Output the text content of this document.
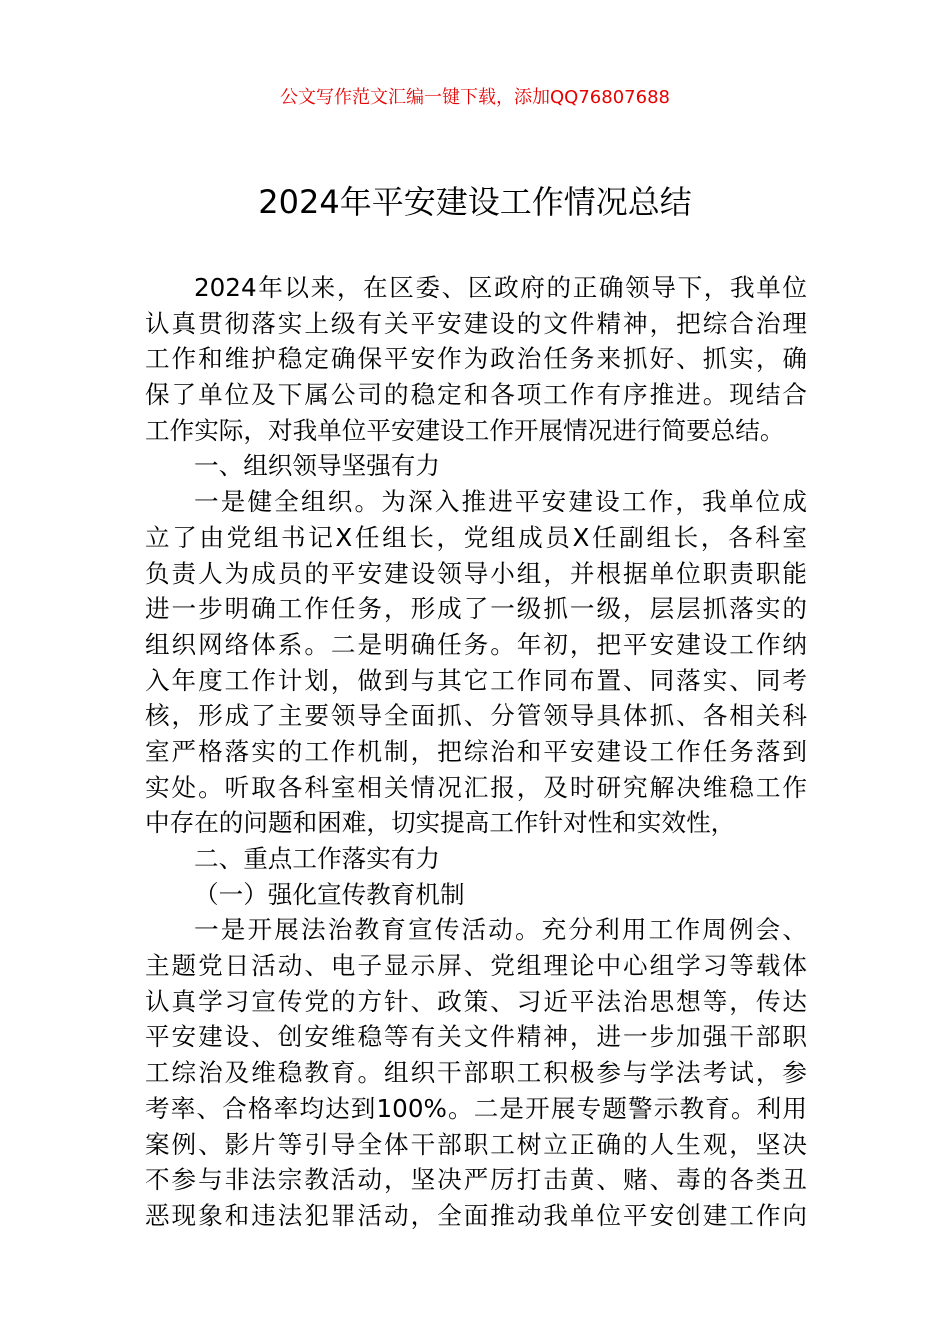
公文写作范文汇编一键下载，添加QQ76807688
2024年平安建设工作情况总结
2024年以来，在区委、区政府的正确领导下，我单位
认真贯彻落实上级有关平安建设的文件精神，把综合治理
工作和维护稳定确保平安作为政治任务来抓好、抓实，确
保了单位及下属公司的稳定和各项工作有序推进。现结合
工作实际，对我单位平安建设工作开展情况进行简要总结。
一、组织领导坚强有力
一是健全组织。为深入推进平安建设工作，我单位成
立了由党组书记X任组长，党组成员X任副组长，各科室
负责人为成员的平安建设领导小组，并根据单位职责职能
进一步明确工作任务，形成了一级抓一级，层层抓落实的
组织网络体系。二是明确任务。年初，把平安建设工作纳
入年度工作计划，做到与其它工作同布置、同落实、同考
核，形成了主要领导全面抓、分管领导具体抓、各相关科
室严格落实的工作机制，把综治和平安建设工作任务落到
实处。听取各科室相关情况汇报，及时研究解决维稳工作
中存在的问题和困难，切实提高工作针对性和实效性，
二、重点工作落实有力
（一）强化宣传教育机制
一是开展法治教育宣传活动。充分利用工作周例会、
主题党日活动、电子显示屏、党组理论中心组学习等载体
认真学习宣传党的方针、政策、习近平法治思想等，传达
平安建设、创安维稳等有关文件精神，进一步加强干部职
工综治及维稳教育。组织干部职工积极参与学法考试，参
考率、合格率均达到100%。二是开展专题警示教育。利用
案例、影片等引导全体干部职工树立正确的人生观，坚决
不参与非法宗教活动，坚决严厉打击黄、赌、毒的各类丑
恶现象和违法犯罪活动，全面推动我单位平安创建工作向
